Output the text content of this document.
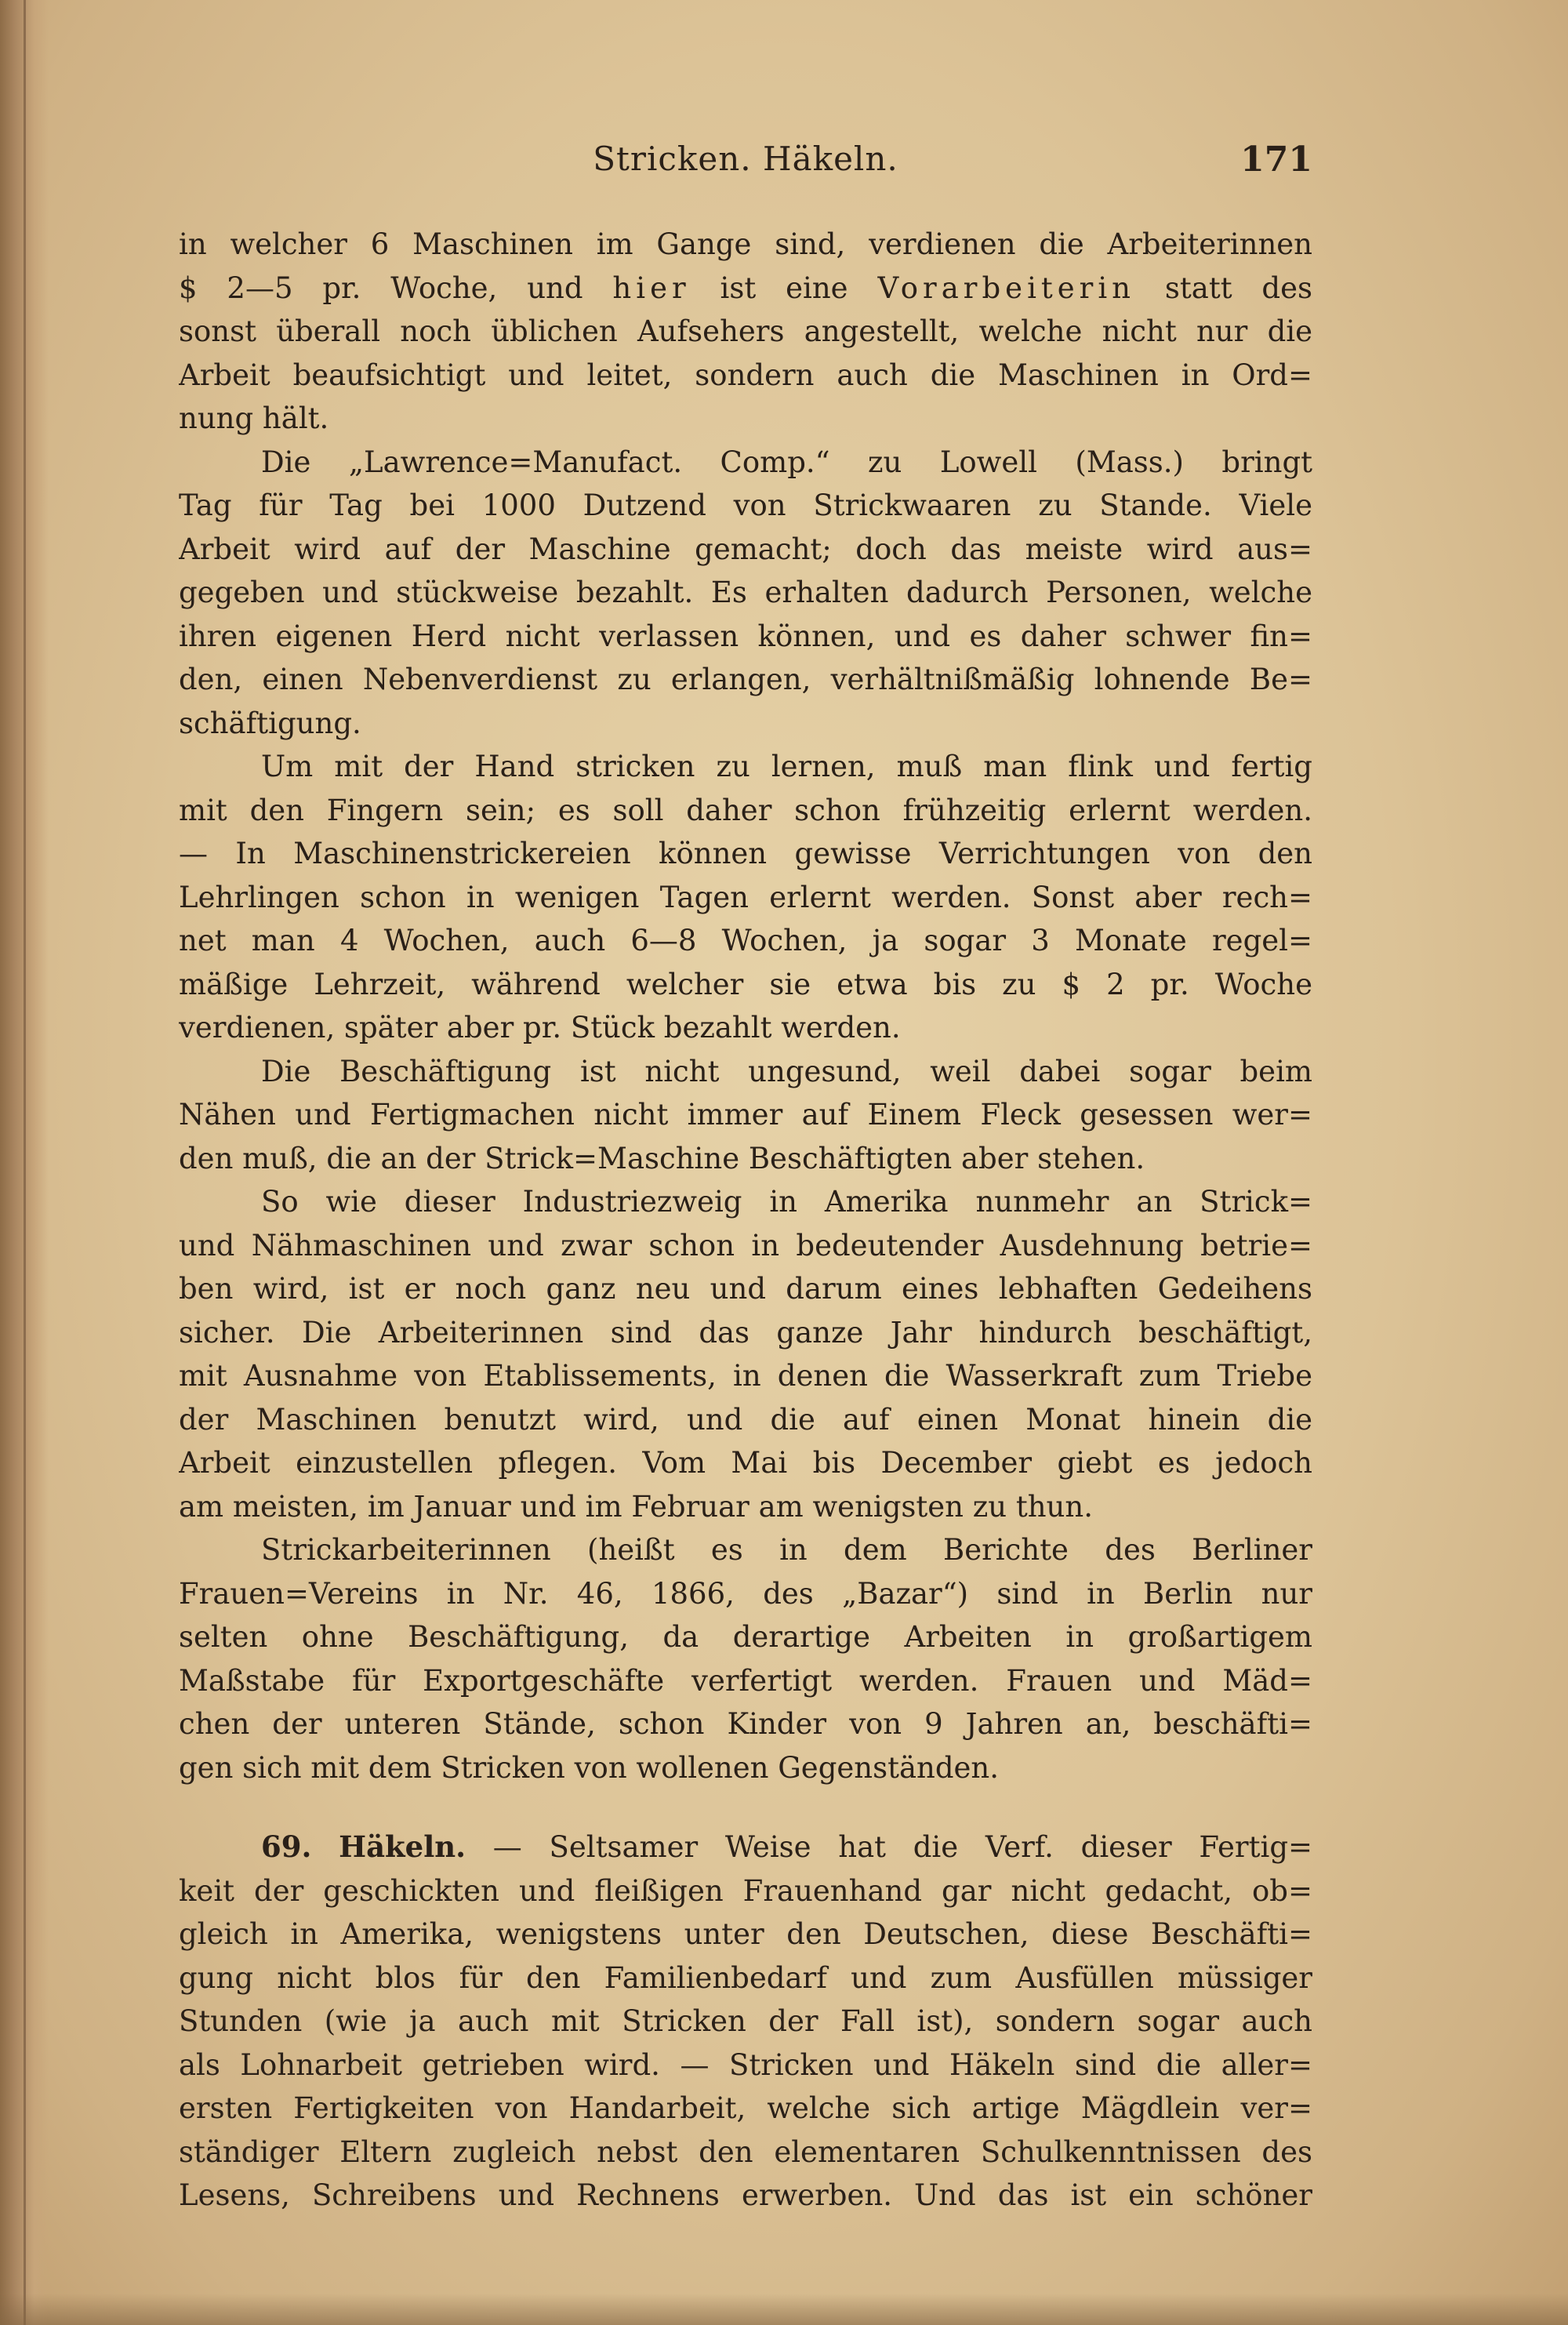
Stricken. Häkeln.	171
in welcher 6 Maschinen im Gange sind, verdienen die Arbeiterinnen
$ 2—5 pr. Woche, und hier ist eine Vorarbeiterin statt des
sonst überall noch üblichen Aufsehers angestellt, welche nicht nur die
Arbeit beaufsichtigt und leitet, sondern auch die Maschinen in Ord=
nung hält.
Die „Lawrence=Manufact. Comp.“ zu Lowell (Mass.) bringt
Tag für Tag bei 1000 Dutzend von Strickwaaren zu Stande. Viele
Arbeit wird auf der Maschine gemacht; doch das meiste wird aus=
gegeben und stückweise bezahlt. Es erhalten dadurch Personen, welche
ihren eigenen Herd nicht verlassen können, und es daher schwer fin=
den, einen Nebenverdienst zu erlangen, verhältnißmäßig lohnende Be=
schäftigung.
Um mit der Hand stricken zu lernen, muß man flink und fertig
mit den Fingern sein; es soll daher schon frühzeitig erlernt werden.
— In Maschinenstrickereien können gewisse Verrichtungen von den
Lehrlingen schon in wenigen Tagen erlernt werden. Sonst aber rech=
net man 4 Wochen, auch 6—8 Wochen, ja sogar 3 Monate regel=
mäßige Lehrzeit, während welcher sie etwa bis zu $ 2 pr. Woche
verdienen, später aber pr. Stück bezahlt werden.
Die Beschäftigung ist nicht ungesund, weil dabei sogar beim
Nähen und Fertigmachen nicht immer auf Einem Fleck gesessen wer=
den muß, die an der Strick=Maschine Beschäftigten aber stehen.
So wie dieser Industriezweig in Amerika nunmehr an Strick=
und Nähmaschinen und zwar schon in bedeutender Ausdehnung betrie=
ben wird, ist er noch ganz neu und darum eines lebhaften Gedeihens
sicher. Die Arbeiterinnen sind das ganze Jahr hindurch beschäftigt,
mit Ausnahme von Etablissements, in denen die Wasserkraft zum Triebe
der Maschinen benutzt wird, und die auf einen Monat hinein die
Arbeit einzustellen pflegen. Vom Mai bis December giebt es jedoch
am meisten, im Januar und im Februar am wenigsten zu thun.
Strickarbeiterinnen (heißt es in dem Berichte des Berliner
Frauen=Vereins in Nr. 46, 1866, des „Bazar“) sind in Berlin nur
selten ohne Beschäftigung, da derartige Arbeiten in großartigem
Maßstabe für Exportgeschäfte verfertigt werden. Frauen und Mäd=
chen der unteren Stände, schon Kinder von 9 Jahren an, beschäfti=
gen sich mit dem Stricken von wollenen Gegenständen.
69. Häkeln. — Seltsamer Weise hat die Verf. dieser Fertig=
keit der geschickten und fleißigen Frauenhand gar nicht gedacht, ob=
gleich in Amerika, wenigstens unter den Deutschen, diese Beschäfti=
gung nicht blos für den Familienbedarf und zum Ausfüllen müssiger
Stunden (wie ja auch mit Stricken der Fall ist), sondern sogar auch
als Lohnarbeit getrieben wird. — Stricken und Häkeln sind die aller=
ersten Fertigkeiten von Handarbeit, welche sich artige Mägdlein ver=
ständiger Eltern zugleich nebst den elementaren Schulkenntnissen des
Lesens, Schreibens und Rechnens erwerben. Und das ist ein schöner
